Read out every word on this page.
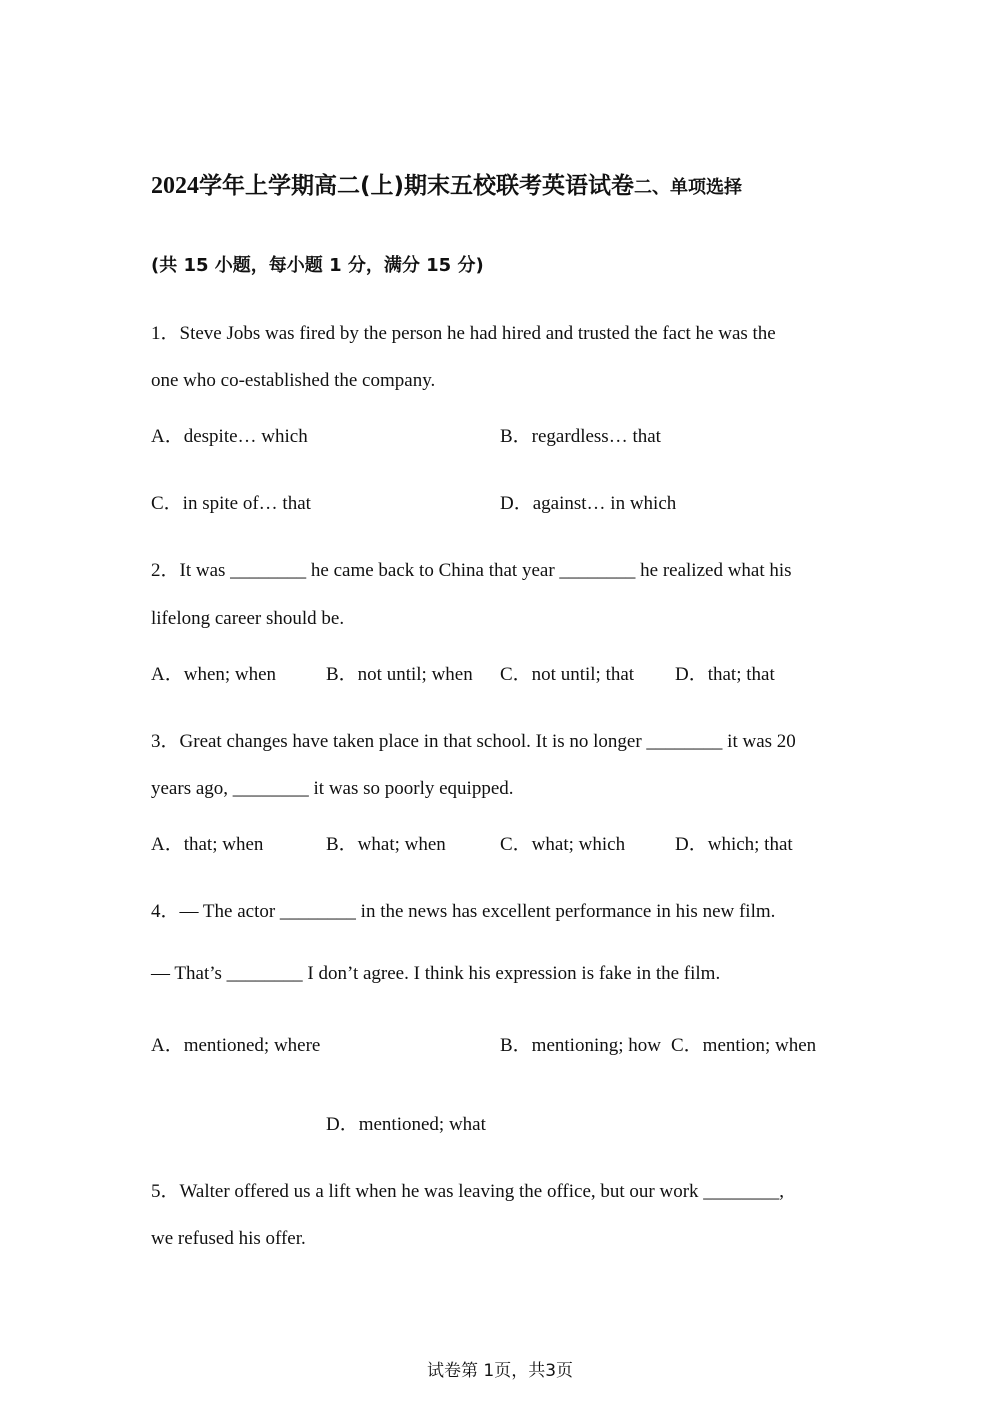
2024学年上学期高二(上)期末五校联考英语试卷二、单项选择
(共 15 小题，每小题 1 分，满分 15 分)
1．Steve Jobs was fired by the person he had hired and trusted the fact he was the
one who co-established the company.
A．despite… which	B．regardless… that
C．in spite of… that	D．against… in which
2．It was ________ he came back to China that year ________ he realized what his
lifelong career should be.
A．when; when	B．not until; when C．not until; that D．that; that
3．Great changes have taken place in that school. It is no longer ________ it was 20
years ago, ________ it was so poorly equipped.
A．that; when	B．what; when	C．what; which	D．which; that
4．— The actor ________ in the news has excellent performance in his new film.
— That’s ________ I don’t agree. I think his expression is fake in the film.
A．mentioned; where	B．mentioning; how C．mention; when
D．mentioned; what
5．Walter offered us a lift when he was leaving the office, but our work ________,
we refused his offer.
试卷第 1页，共3页
